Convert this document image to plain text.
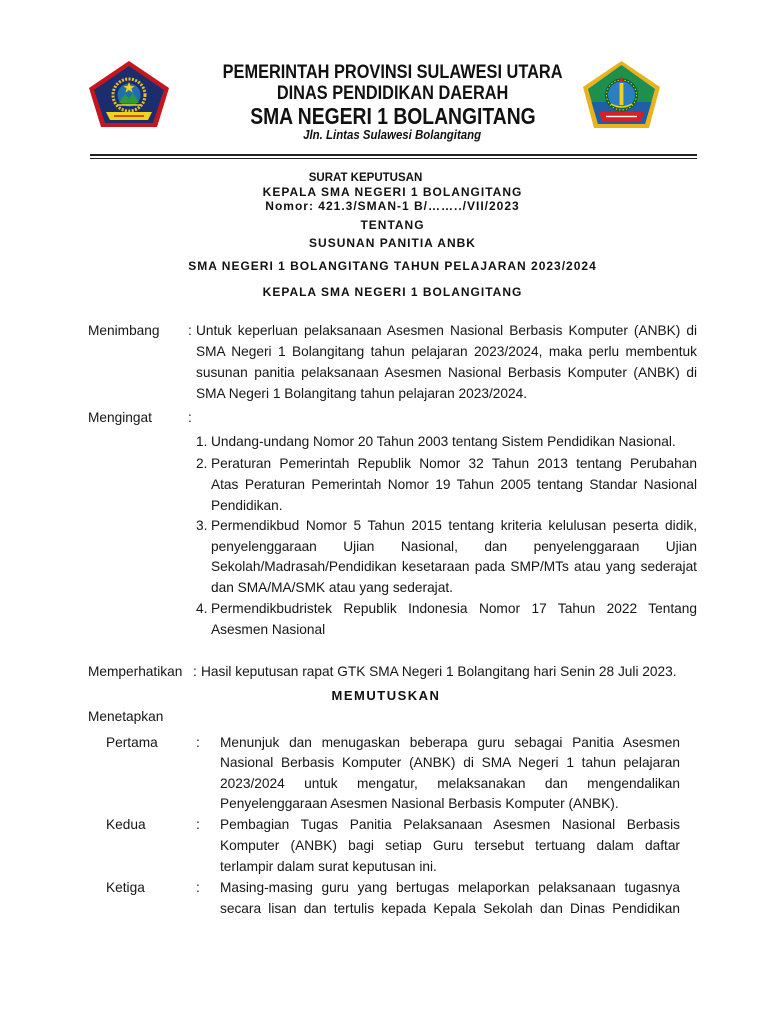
PEMERINTAH PROVINSI SULAWESI UTARA
DINAS PENDIDIKAN DAERAH
SMA NEGERI 1 BOLANGITANG
Jln. Lintas Sulawesi Bolangitang
SURAT KEPUTUSAN
KEPALA SMA NEGERI 1 BOLANGITANG
Nomor: 421.3/SMAN-1 B/……../VII/2023
TENTANG
SUSUNAN PANITIA ANBK
SMA NEGERI 1 BOLANGITANG TAHUN PELAJARAN 2023/2024
KEPALA SMA NEGERI 1 BOLANGITANG
Menimbang : Untuk keperluan pelaksanaan Asesmen Nasional Berbasis Komputer (ANBK) di
SMA Negeri 1 Bolangitang tahun pelajaran 2023/2024, maka perlu membentuk
susunan panitia pelaksanaan Asesmen Nasional Berbasis Komputer (ANBK) di
SMA Negeri 1 Bolangitang tahun pelajaran 2023/2024.
Mengingat	:
1. Undang-undang Nomor 20 Tahun 2003 tentang Sistem Pendidikan Nasional.
2. Peraturan Pemerintah Republik Nomor 32 Tahun 2013 tentang Perubahan
Atas Peraturan Pemerintah Nomor 19 Tahun 2005 tentang Standar Nasional
Pendidikan.
3. Permendikbud Nomor 5 Tahun 2015 tentang kriteria kelulusan peserta didik,
penyelenggaraan Ujian Nasional, dan penyelenggaraan Ujian
Sekolah/Madrasah/Pendidikan kesetaraan pada SMP/MTs atau yang sederajat
dan SMA/MA/SMK atau yang sederajat.
4. Permendikbudristek Republik Indonesia Nomor 17 Tahun 2022 Tentang
Asesmen Nasional
Memperhatikan : Hasil keputusan rapat GTK SMA Negeri 1 Bolangitang hari Senin 28 Juli 2023.
MEMUTUSKAN
Menetapkan
Pertama	: Menunjuk dan menugaskan beberapa guru sebagai Panitia Asesmen
Nasional Berbasis Komputer (ANBK) di SMA Negeri 1 tahun pelajaran
2023/2024 untuk mengatur, melaksanakan dan mengendalikan
Penyelenggaraan Asesmen Nasional Berbasis Komputer (ANBK).
Kedua	: Pembagian Tugas Panitia Pelaksanaan Asesmen Nasional Berbasis
Komputer (ANBK) bagi setiap Guru tersebut tertuang dalam daftar
terlampir dalam surat keputusan ini.
Ketiga	: Masing-masing guru yang bertugas melaporkan pelaksanaan tugasnya
secara lisan dan tertulis kepada Kepala Sekolah dan Dinas Pendidikan
